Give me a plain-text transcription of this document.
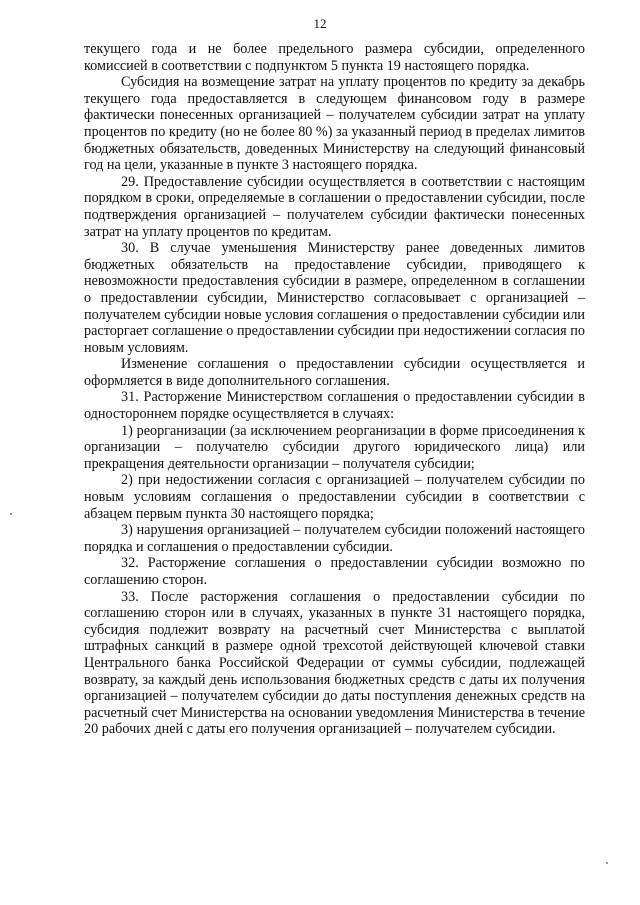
12

текущего года и не более предельного размера субсидии, определенного комиссией в соответствии с подпунктом 5 пункта 19 настоящего порядка.

Субсидия на возмещение затрат на уплату процентов по кредиту за декабрь текущего года предоставляется в следующем финансовом году в размере фактически понесенных организацией – получателем субсидии затрат на уплату процентов по кредиту (но не более 80 %) за указанный период в пределах лимитов бюджетных обязательств, доведенных Министерству на следующий финансовый год на цели, указанные в пункте 3 настоящего порядка.

29. Предоставление субсидии осуществляется в соответствии с настоящим порядком в сроки, определяемые в соглашении о предоставлении субсидии, после подтверждения организацией – получателем субсидии фактически понесенных затрат на уплату процентов по кредитам.

30. В случае уменьшения Министерству ранее доведенных лимитов бюджетных обязательств на предоставление субсидии, приводящего к невозможности предоставления субсидии в размере, определенном в соглашении о предоставлении субсидии, Министерство согласовывает с организацией – получателем субсидии новые условия соглашения о предоставлении субсидии или расторгает соглашение о предоставлении субсидии при недостижении согласия по новым условиям.

Изменение соглашения о предоставлении субсидии осуществляется и оформляется в виде дополнительного соглашения.

31. Расторжение Министерством соглашения о предоставлении субсидии в одностороннем порядке осуществляется в случаях:

1) реорганизации (за исключением реорганизации в форме присоединения к организации – получателю субсидии другого юридического лица) или прекращения деятельности организации – получателя субсидии;

2) при недостижении согласия с организацией – получателем субсидии по новым условиям соглашения о предоставлении субсидии в соответствии с абзацем первым пункта 30 настоящего порядка;

3) нарушения организацией – получателем субсидии положений настоящего порядка и соглашения о предоставлении субсидии.

32. Расторжение соглашения о предоставлении субсидии возможно по соглашению сторон.

33. После расторжения соглашения о предоставлении субсидии по соглашению сторон или в случаях, указанных в пункте 31 настоящего порядка, субсидия подлежит возврату на расчетный счет Министерства с выплатой штрафных санкций в размере одной трехсотой действующей ключевой ставки Центрального банка Российской Федерации от суммы субсидии, подлежащей возврату, за каждый день использования бюджетных средств с даты их получения организацией – получателем субсидии до даты поступления денежных средств на расчетный счет Министерства на основании уведомления Министерства в течение 20 рабочих дней с даты его получения организацией – получателем субсидии.
